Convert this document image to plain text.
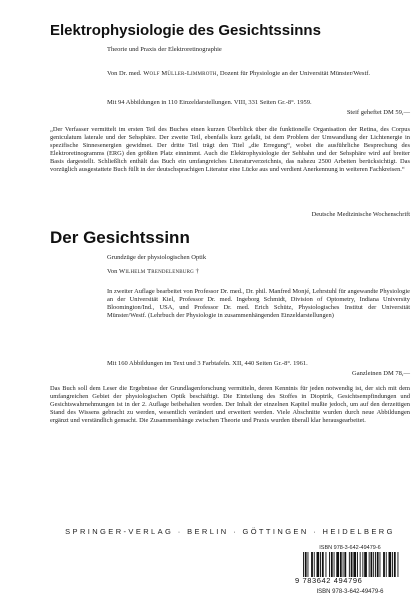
Elektrophysiologie des Gesichtssinns
Theorie und Praxis der Elektroretinographie
Von Dr. med. Wolf Müller-Limmroth, Dozent für Physiologie an der Universität Münster/Westf.
Mit 94 Abbildungen in 110 Einzeldarstellungen. VIII, 331 Seiten Gr.-8°. 1959.
Steif geheftet DM 59,—
„Der Verfasser vermittelt im ersten Teil des Buches einen kurzen Überblick über die funktionelle Organisation der Retina, des Corpus geniculatum laterale und der Sehsphäre. Der zweite Teil, ebenfalls kurz gefaßt, ist dem Problem der Umwandlung der Lichtenergie in spezifische Sinnesenergien gewidmet. Der dritte Teil trägt den Titel „die Erregung“, wobei die ausführliche Besprechung des Elektroretinogramms (ERG) den größten Platz einnimmt. Auch die Elektrophysiologie der Sehbahn und der Sehsphäre wird auf breiter Basis dargestellt. Schließlich enthält das Buch ein umfangreiches Literaturverzeichnis, das nahezu 2500 Arbeiten berücksichtigt. Das vorzüglich ausgestattete Buch füllt in der deutschsprachigen Literatur eine Lücke aus und verdient Anerkennung in weiteren Fachkreisen.“
Deutsche Medizinische Wochenschrift
Der Gesichtssinn
Grundzüge der physiologischen Optik
Von Wilhelm Trendelenburg †
In zweiter Auflage bearbeitet von Professor Dr. med., Dr. phil. Manfred Monjé, Lehrstuhl für angewandte Physiologie an der Universität Kiel, Professor Dr. med. Ingeborg Schmidt, Division of Optometry, Indiana University Bloomington/Ind., USA, und Professor Dr. med. Erich Schütz, Physiologisches Institut der Universität Münster/Westf. (Lehrbuch der Physiologie in zusammenhängenden Einzeldarstellungen)
Mit 160 Abbildungen im Text und 3 Farbtafeln. XII, 440 Seiten Gr.-8°. 1961.
Ganzleinen DM 78,—
Das Buch soll dem Leser die Ergebnisse der Grundlagenforschung vermitteln, deren Kenntnis für jeden notwendig ist, der sich mit dem umfangreichen Gebiet der physiologischen Optik beschäftigt. Die Einteilung des Stoffes in Dioptrik, Gesichtsempfindungen und Gesichtswahrnehmungen ist in der 2. Auflage beibehalten worden. Der Inhalt der einzelnen Kapitel mußte jedoch, um auf den derzeitigen Stand des Wissens gebracht zu werden, wesentlich verändert und erweitert werden. Viele Abschnitte wurden durch neue Abbildungen ergänzt und verständlich gemacht. Die Zusammenhänge zwischen Theorie und Praxis wurden überall klar herausgearbeitet.
SPRINGER-VERLAG · BERLIN · GÖTTINGEN · HEIDELBERG
ISBN 978-3-642-49479-6
9 783642 494796
ISBN 978-3-642-49479-6
